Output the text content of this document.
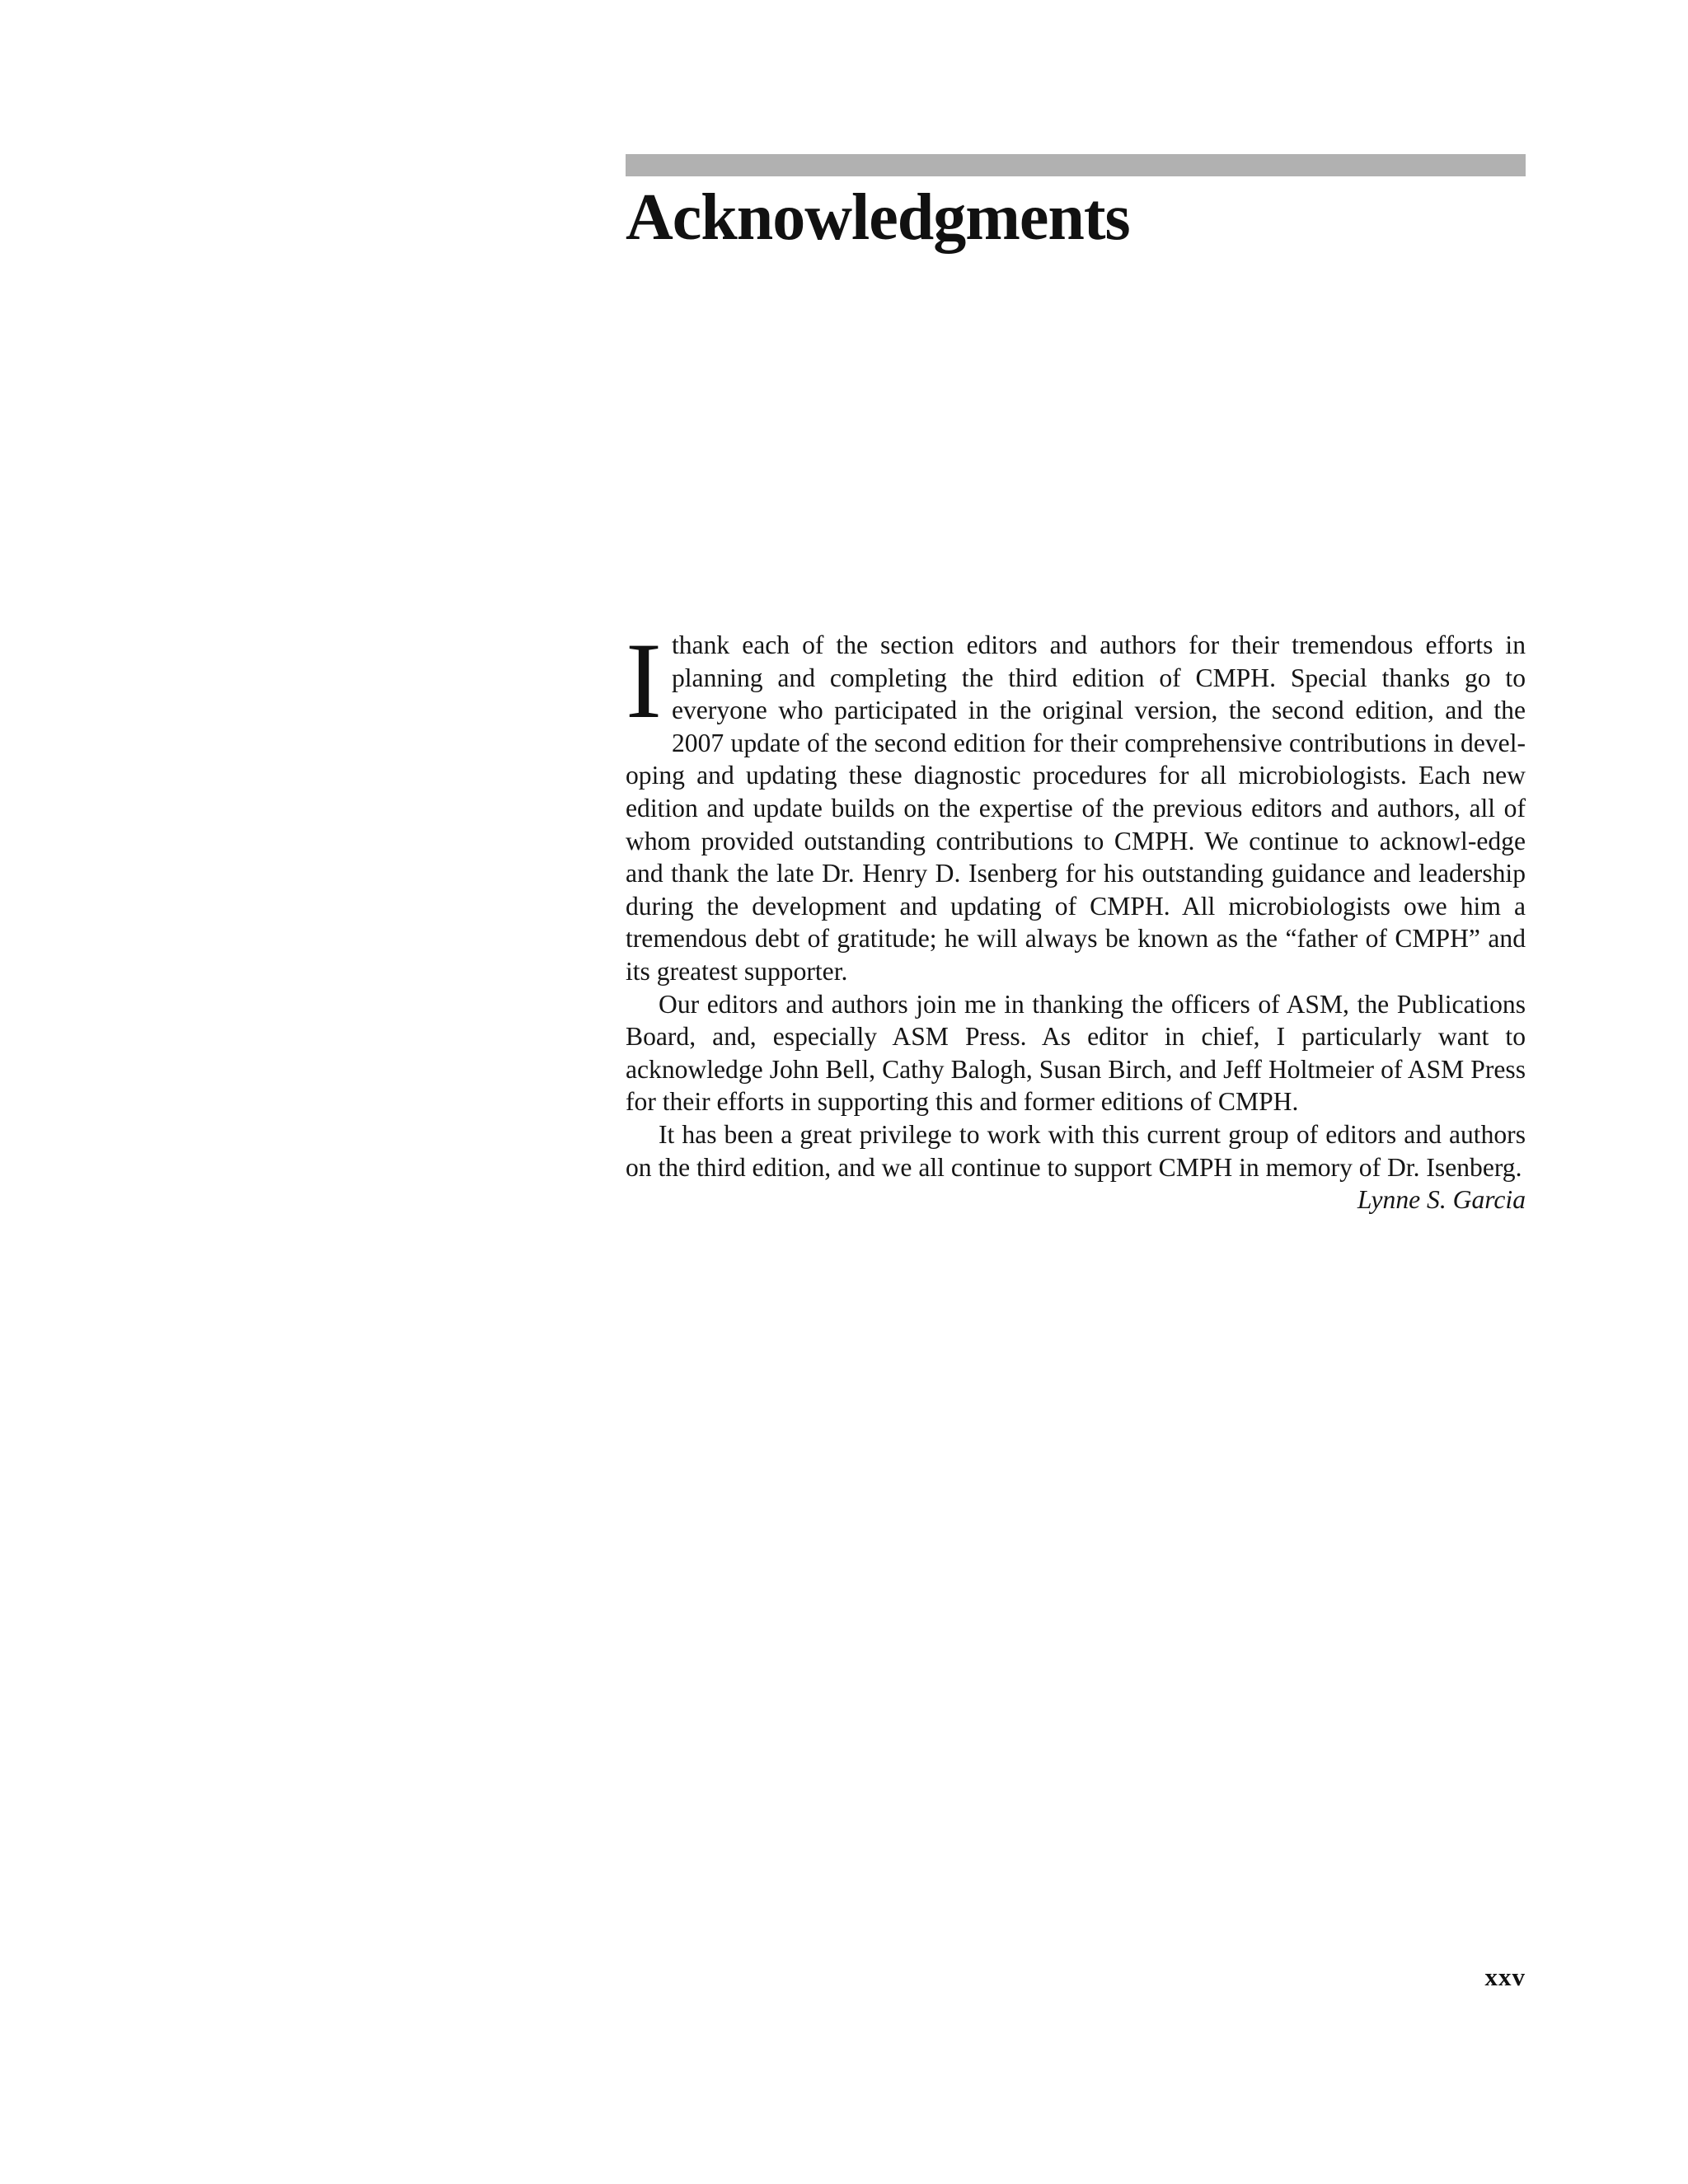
Acknowledgments

Ithank each of the section editors and authors for their tremendous efforts in planning and completing the third edition of CMPH. Special thanks go to everyone who participated in the original version, the second edition, and the 2007 update of the second edition for their comprehensive contributions in devel-oping and updating these diagnostic procedures for all microbiologists. Each new edition and update builds on the expertise of the previous editors and authors, all of whom provided outstanding contributions to CMPH. We continue to acknowl-edge and thank the late Dr. Henry D. Isenberg for his outstanding guidance and leadership during the development and updating of CMPH. All microbiologists owe him a tremendous debt of gratitude; he will always be known as the “father of CMPH” and its greatest supporter.

Our editors and authors join me in thanking the officers of ASM, the Publications Board, and, especially ASM Press. As editor in chief, I particularly want to acknowledge John Bell, Cathy Balogh, Susan Birch, and Jeff Holtmeier of ASM Press for their efforts in supporting this and former editions of CMPH.

It has been a great privilege to work with this current group of editors and authors on the third edition, and we all continue to support CMPH in memory of Dr. Isenberg.

Lynne S. Garcia

xxv
